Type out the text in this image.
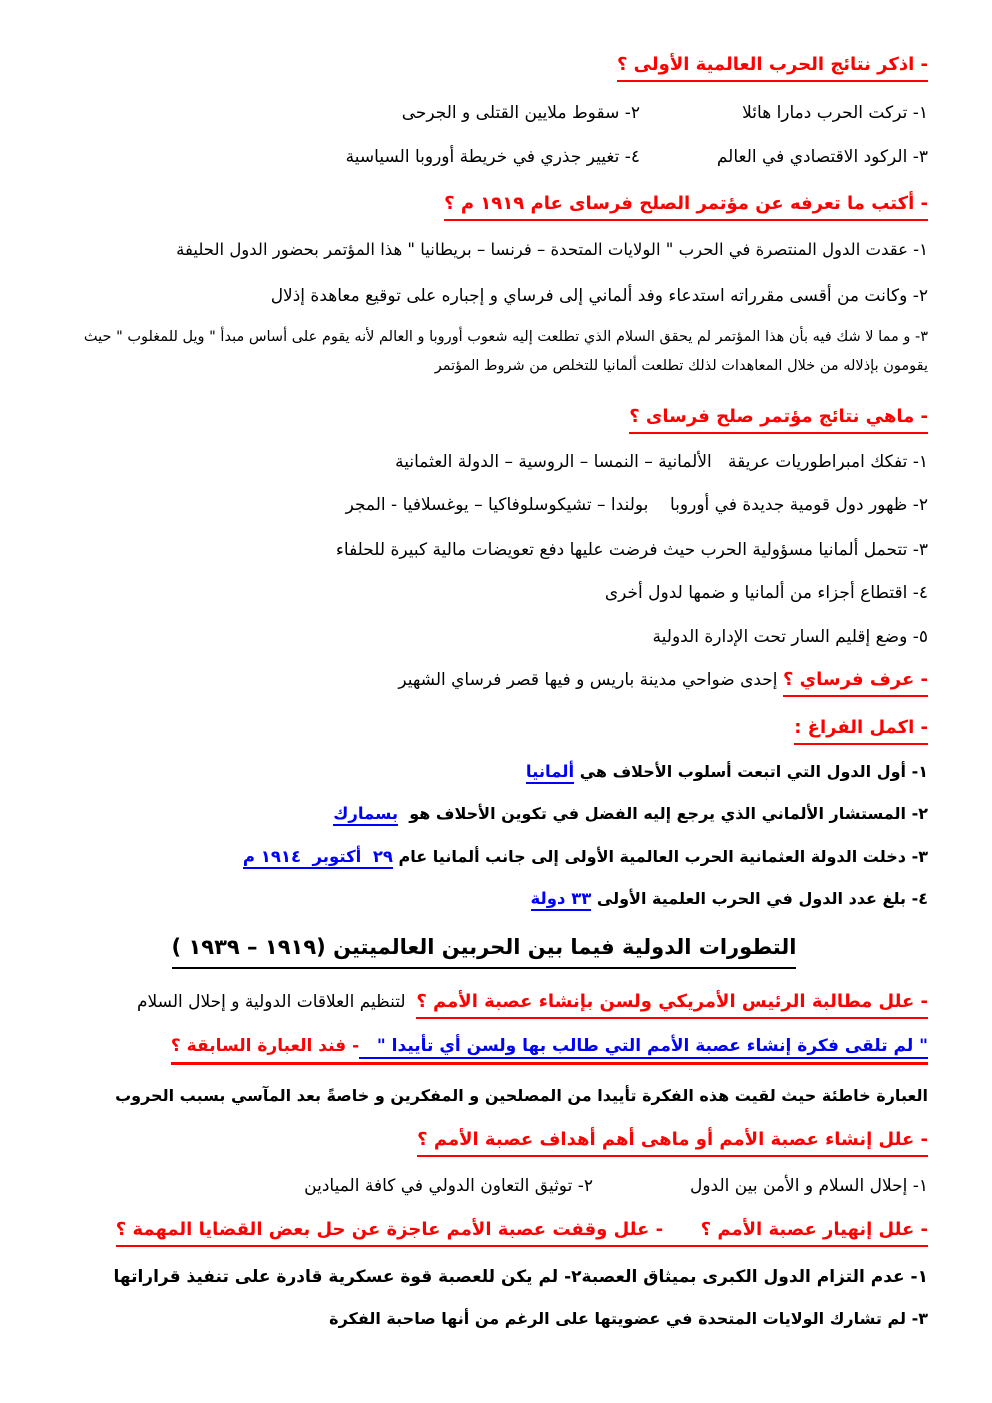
- اذكر نتائج الحرب العالمية الأولى ؟
١- تركت الحرب دمارا هائلا
٢- سقوط ملايين القتلى و الجرحى
٣- الركود الاقتصادي في العالم
٤- تغيير جذري في خريطة أوروبا السياسية
- أكتب ما تعرفه عن مؤتمر الصلح فرساى عام ١٩١٩ م ؟
١- عقدت الدول المنتصرة في الحرب " الولايات المتحدة – فرنسا – بريطانيا " هذا المؤتمر بحضور الدول الحليفة
٢- وكانت من أقسى مقرراته استدعاء وفد ألماني إلى فرساي و إجباره على توقيع معاهدة إذلال
٣- و مما لا شك فيه بأن هذا المؤتمر لم يحقق السلام الذي تطلعت إليه شعوب أوروبا و العالم لأنه يقوم على أساس مبدأ " ويل للمغلوب " حيث يقومون بإذلاله من خلال المعاهدات لذلك تطلعت ألمانيا للتخلص من شروط المؤتمر
- ماهي نتائج مؤتمر صلح فرساى ؟
١- تفكك امبراطوريات عريقة   الألمانية – النمسا – الروسية – الدولة العثمانية
٢- ظهور دول قومية جديدة في أوروبا    بولندا – تشيكوسلوفاكيا – يوغسلافيا - المجر
٣- تتحمل ألمانيا مسؤولية الحرب حيث فرضت عليها دفع تعويضات مالية كبيرة للحلفاء
٤- اقتطاع أجزاء من ألمانيا و ضمها لدول أخرى
٥- وضع إقليم السار تحت الإدارة الدولية
- عرف فرساي ؟ إحدى ضواحي مدينة باريس و فيها قصر فرساي الشهير
- اكمل الفراغ :
١- أول الدول التي اتبعت أسلوب الأحلاف هي ألمانيا
٢- المستشار الألماني الذي يرجع إليه الفضل في تكوين الأحلاف هو  بسمارك
٣- دخلت الدولة العثمانية الحرب العالمية الأولى إلى جانب ألمانيا عام ٢٩  أكتوبر  ١٩١٤ م
٤- بلغ عدد الدول في الحرب العلمية الأولى ٣٣ دولة
التطورات الدولية فيما بين الحربين العالميتين (١٩١٩ – ١٩٣٩ )
- علل مطالبة الرئيس الأمريكي ولسن بإنشاء عصبة الأمم ؟  لتنظيم العلاقات الدولية و إحلال السلام
" لم تلقى فكرة إنشاء عصبة الأمم التي طالب بها ولسن أي تأييدا "   - فند العبارة السابقة ؟
العبارة خاطئة حيث لقيت هذه الفكرة تأييدا من المصلحين و المفكرين و خاصةً بعد المآسي بسبب الحروب
- علل إنشاء عصبة الأمم أو ماهى أهم أهداف عصبة الأمم ؟
١- إحلال السلام و الأمن بين الدول
٢- توثيق التعاون الدولي في كافة الميادين
- علل إنهيار عصبة الأمم ؟      - علل وقفت عصبة الأمم عاجزة عن حل بعض القضايا المهمة ؟
١- عدم التزام الدول الكبرى بميثاق العصبة
٢- لم يكن للعصبة قوة عسكرية قادرة على تنفيذ قراراتها
٣- لم تشارك الولايات المتحدة في عضويتها على الرغم من أنها صاحبة الفكرة
